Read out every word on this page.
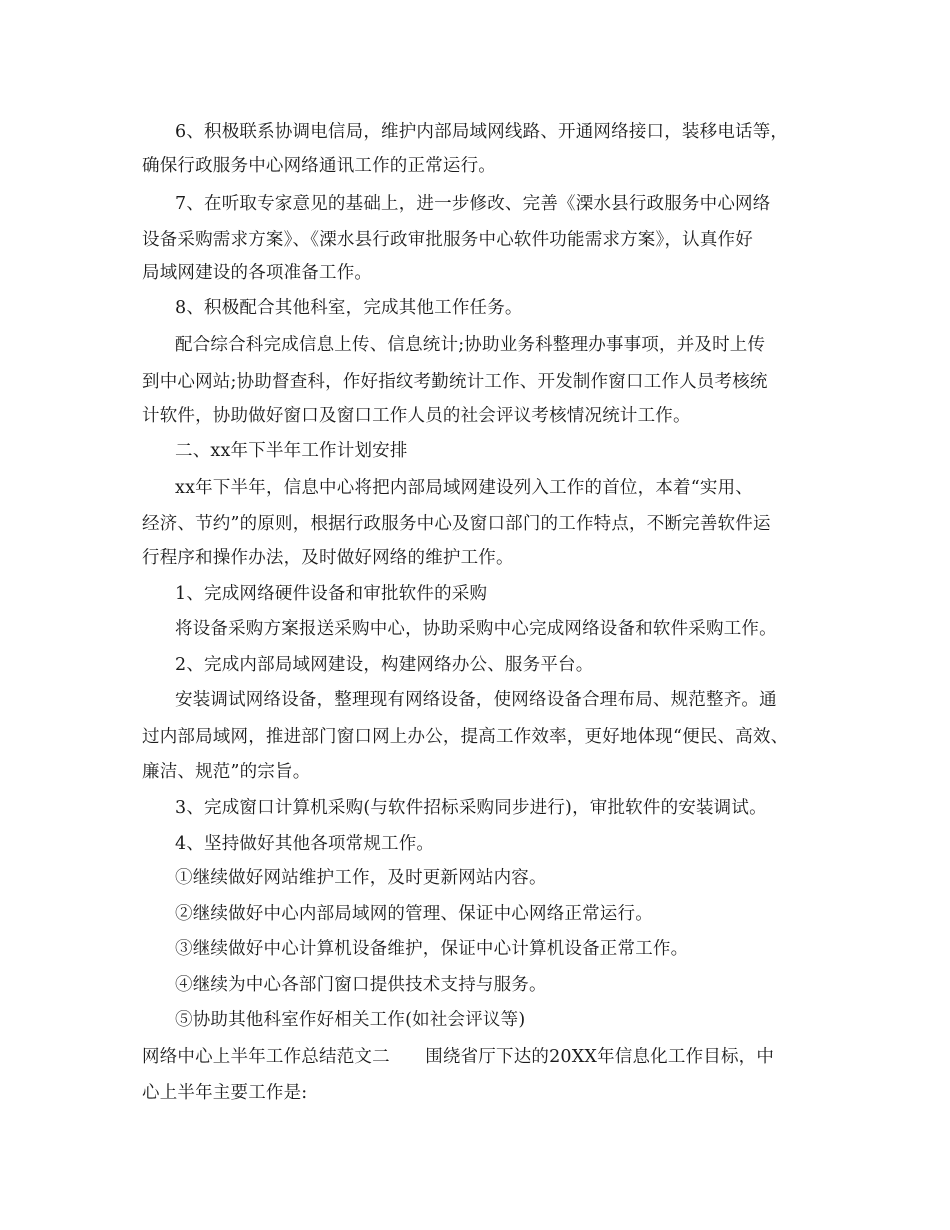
6、积极联系协调电信局，维护内部局域网线路、开通网络接口，装移电话等，
确保行政服务中心网络通讯工作的正常运行。
7、在听取专家意见的基础上，进一步修改、完善《溧水县行政服务中心网络
设备采购需求方案》、《溧水县行政审批服务中心软件功能需求方案》，认真作好
局域网建设的各项准备工作。
8、积极配合其他科室，完成其他工作任务。
配合综合科完成信息上传、信息统计;协助业务科整理办事事项，并及时上传
到中心网站;协助督查科，作好指纹考勤统计工作、开发制作窗口工作人员考核统
计软件，协助做好窗口及窗口工作人员的社会评议考核情况统计工作。
二、xx年下半年工作计划安排
xx年下半年，信息中心将把内部局域网建设列入工作的首位，本着“实用、
经济、节约”的原则，根据行政服务中心及窗口部门的工作特点，不断完善软件运
行程序和操作办法，及时做好网络的维护工作。
1、完成网络硬件设备和审批软件的采购
将设备采购方案报送采购中心，协助采购中心完成网络设备和软件采购工作。
2、完成内部局域网建设，构建网络办公、服务平台。
安装调试网络设备，整理现有网络设备，使网络设备合理布局、规范整齐。通
过内部局域网，推进部门窗口网上办公，提高工作效率，更好地体现“便民、高效、
廉洁、规范”的宗旨。
3、完成窗口计算机采购(与软件招标采购同步进行)，审批软件的安装调试。
4、坚持做好其他各项常规工作。
①继续做好网站维护工作，及时更新网站内容。
②继续做好中心内部局域网的管理、保证中心网络正常运行。
③继续做好中心计算机设备维护，保证中心计算机设备正常工作。
④继续为中心各部门窗口提供技术支持与服务。
⑤协助其他科室作好相关工作(如社会评议等)
网络中心上半年工作总结范文二　　围绕省厅下达的20XX年信息化工作目标，中
心上半年主要工作是:
